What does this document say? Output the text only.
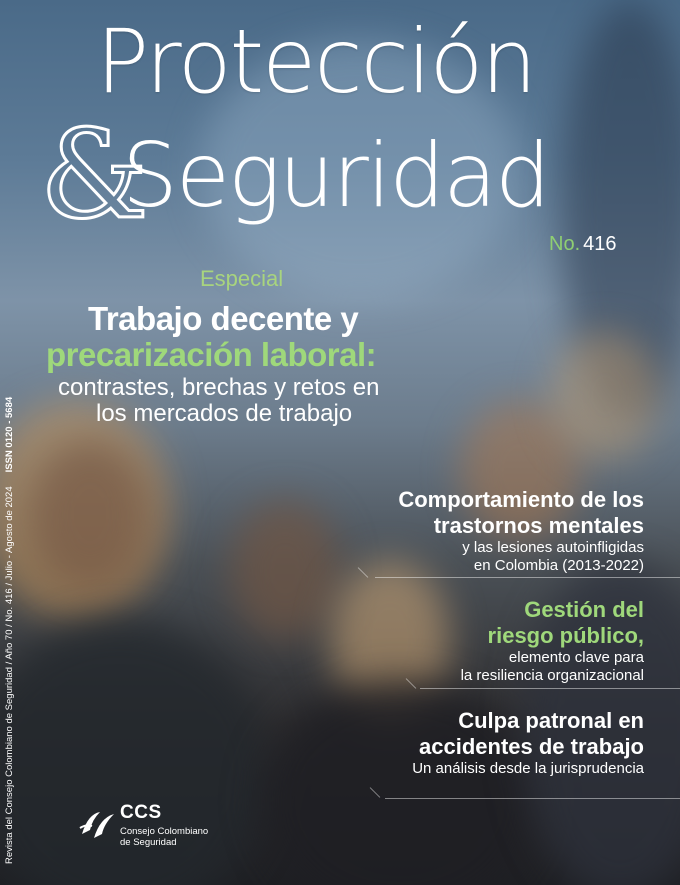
Protección
&
Seguridad
No. 416
Especial
Trabajo decente y
precarización laboral:
contrastes, brechas y retos en
los mercados de trabajo
Comportamiento de los
trastornos mentales
y las lesiones autoinfligidas
en Colombia (2013-2022)
Gestión del
riesgo público,
elemento clave para
la resiliencia organizacional
Culpa patronal en
accidentes de trabajo
Un análisis desde la jurisprudencia
Revista del Consejo Colombiano de Seguridad / Año 70 / No. 416 / Julio - Agosto de 2024ISSN 0120 - 5684
CCS
Consejo Colombiano
de Seguridad
